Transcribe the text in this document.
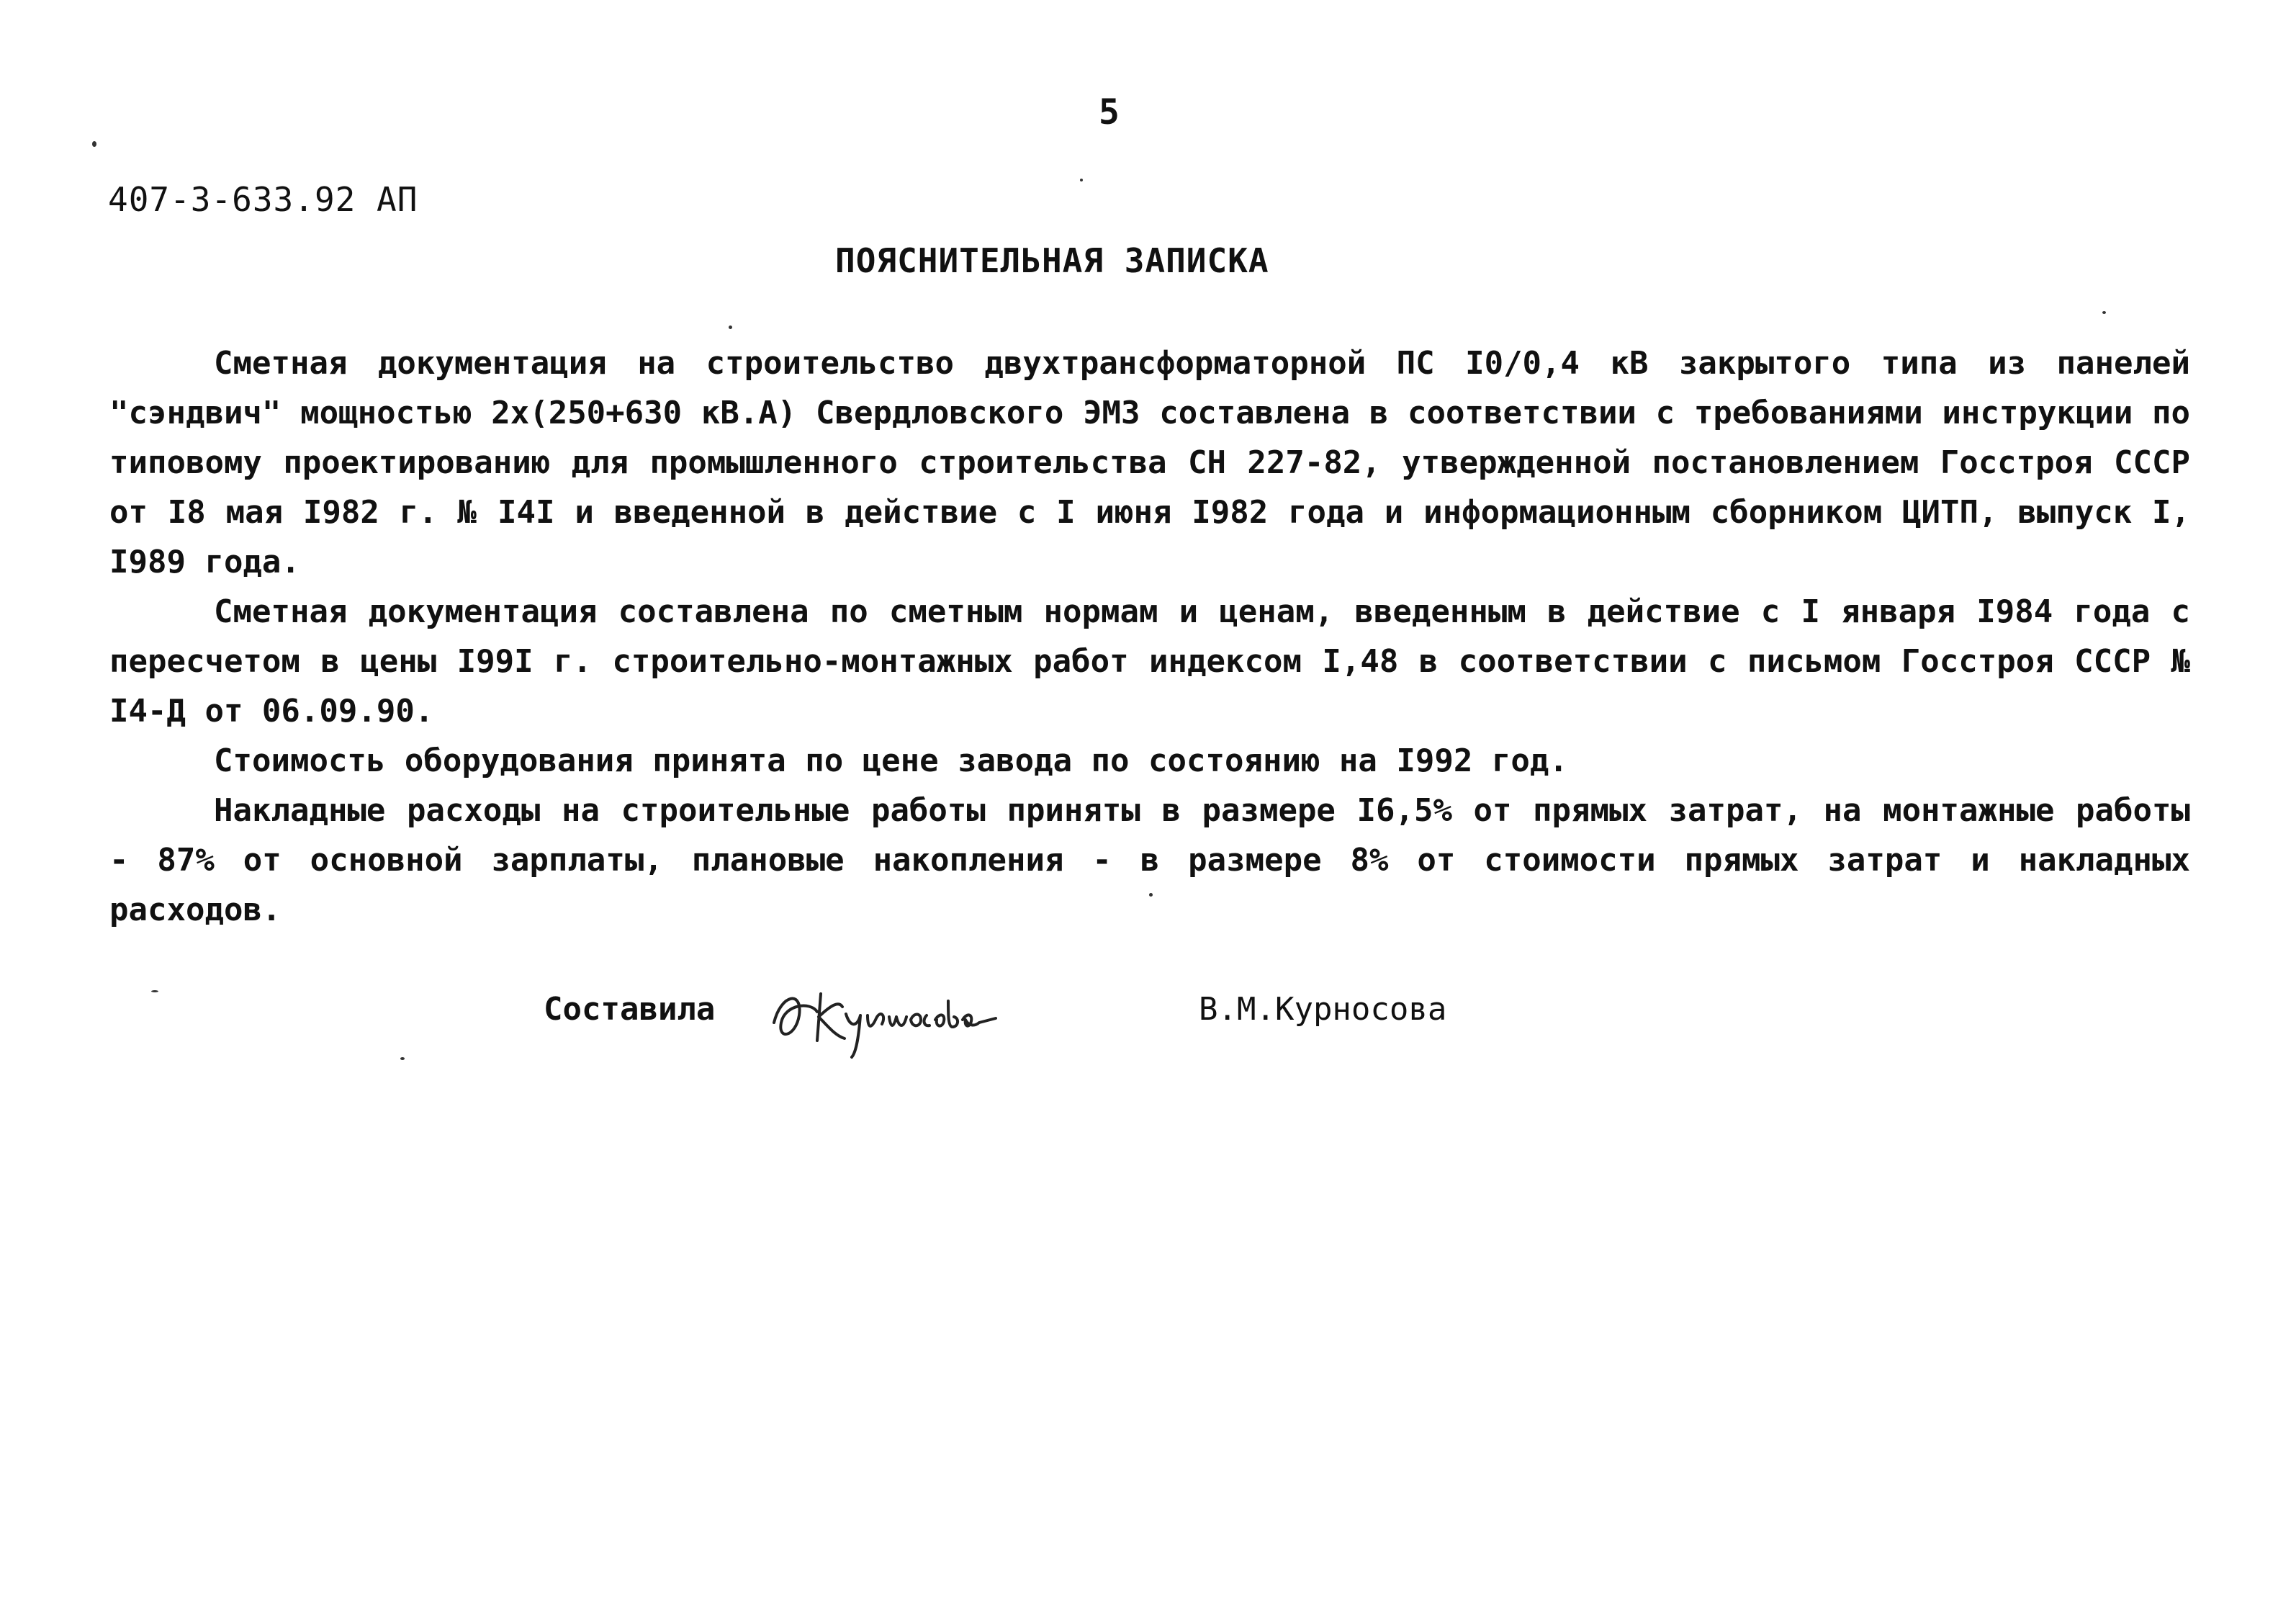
5
407-3-633.92 АП
ПОЯСНИТЕЛЬНАЯ ЗАПИСКА

Сметная документация на строительство двухтрансформаторной ПС I0/0,4 кВ закрытого типа из панелей "сэндвич" мощностью 2х(250+630 кВ.А) Свердловского ЭМЗ составлена в соответствии с требованиями инструкции по типовому проектированию для промышленного строительства СН 227-82, утвержденной постановлением Госстроя СССР от I8 мая I982 г. № I4I и введенной в действие с I июня I982 года и информационным сборником ЦИТП, выпуск I, I989 года.

Сметная документация составлена по сметным нормам и ценам, введенным в действие с I января I984 года с пересчетом в цены I99I г. строительно-монтажных работ индексом I,48 в соответствии с письмом Госстроя СССР № I4-Д от 06.09.90.

Стоимость оборудования принята по цене завода по состоянию на I992 год.

Накладные расходы на строительные работы приняты в размере I6,5% от прямых затрат, на монтажные работы - 87% от основной зарплаты, плановые накопления - в размере 8% от стоимости прямых затрат и накладных расходов.

Составила	В.М.Курносова
